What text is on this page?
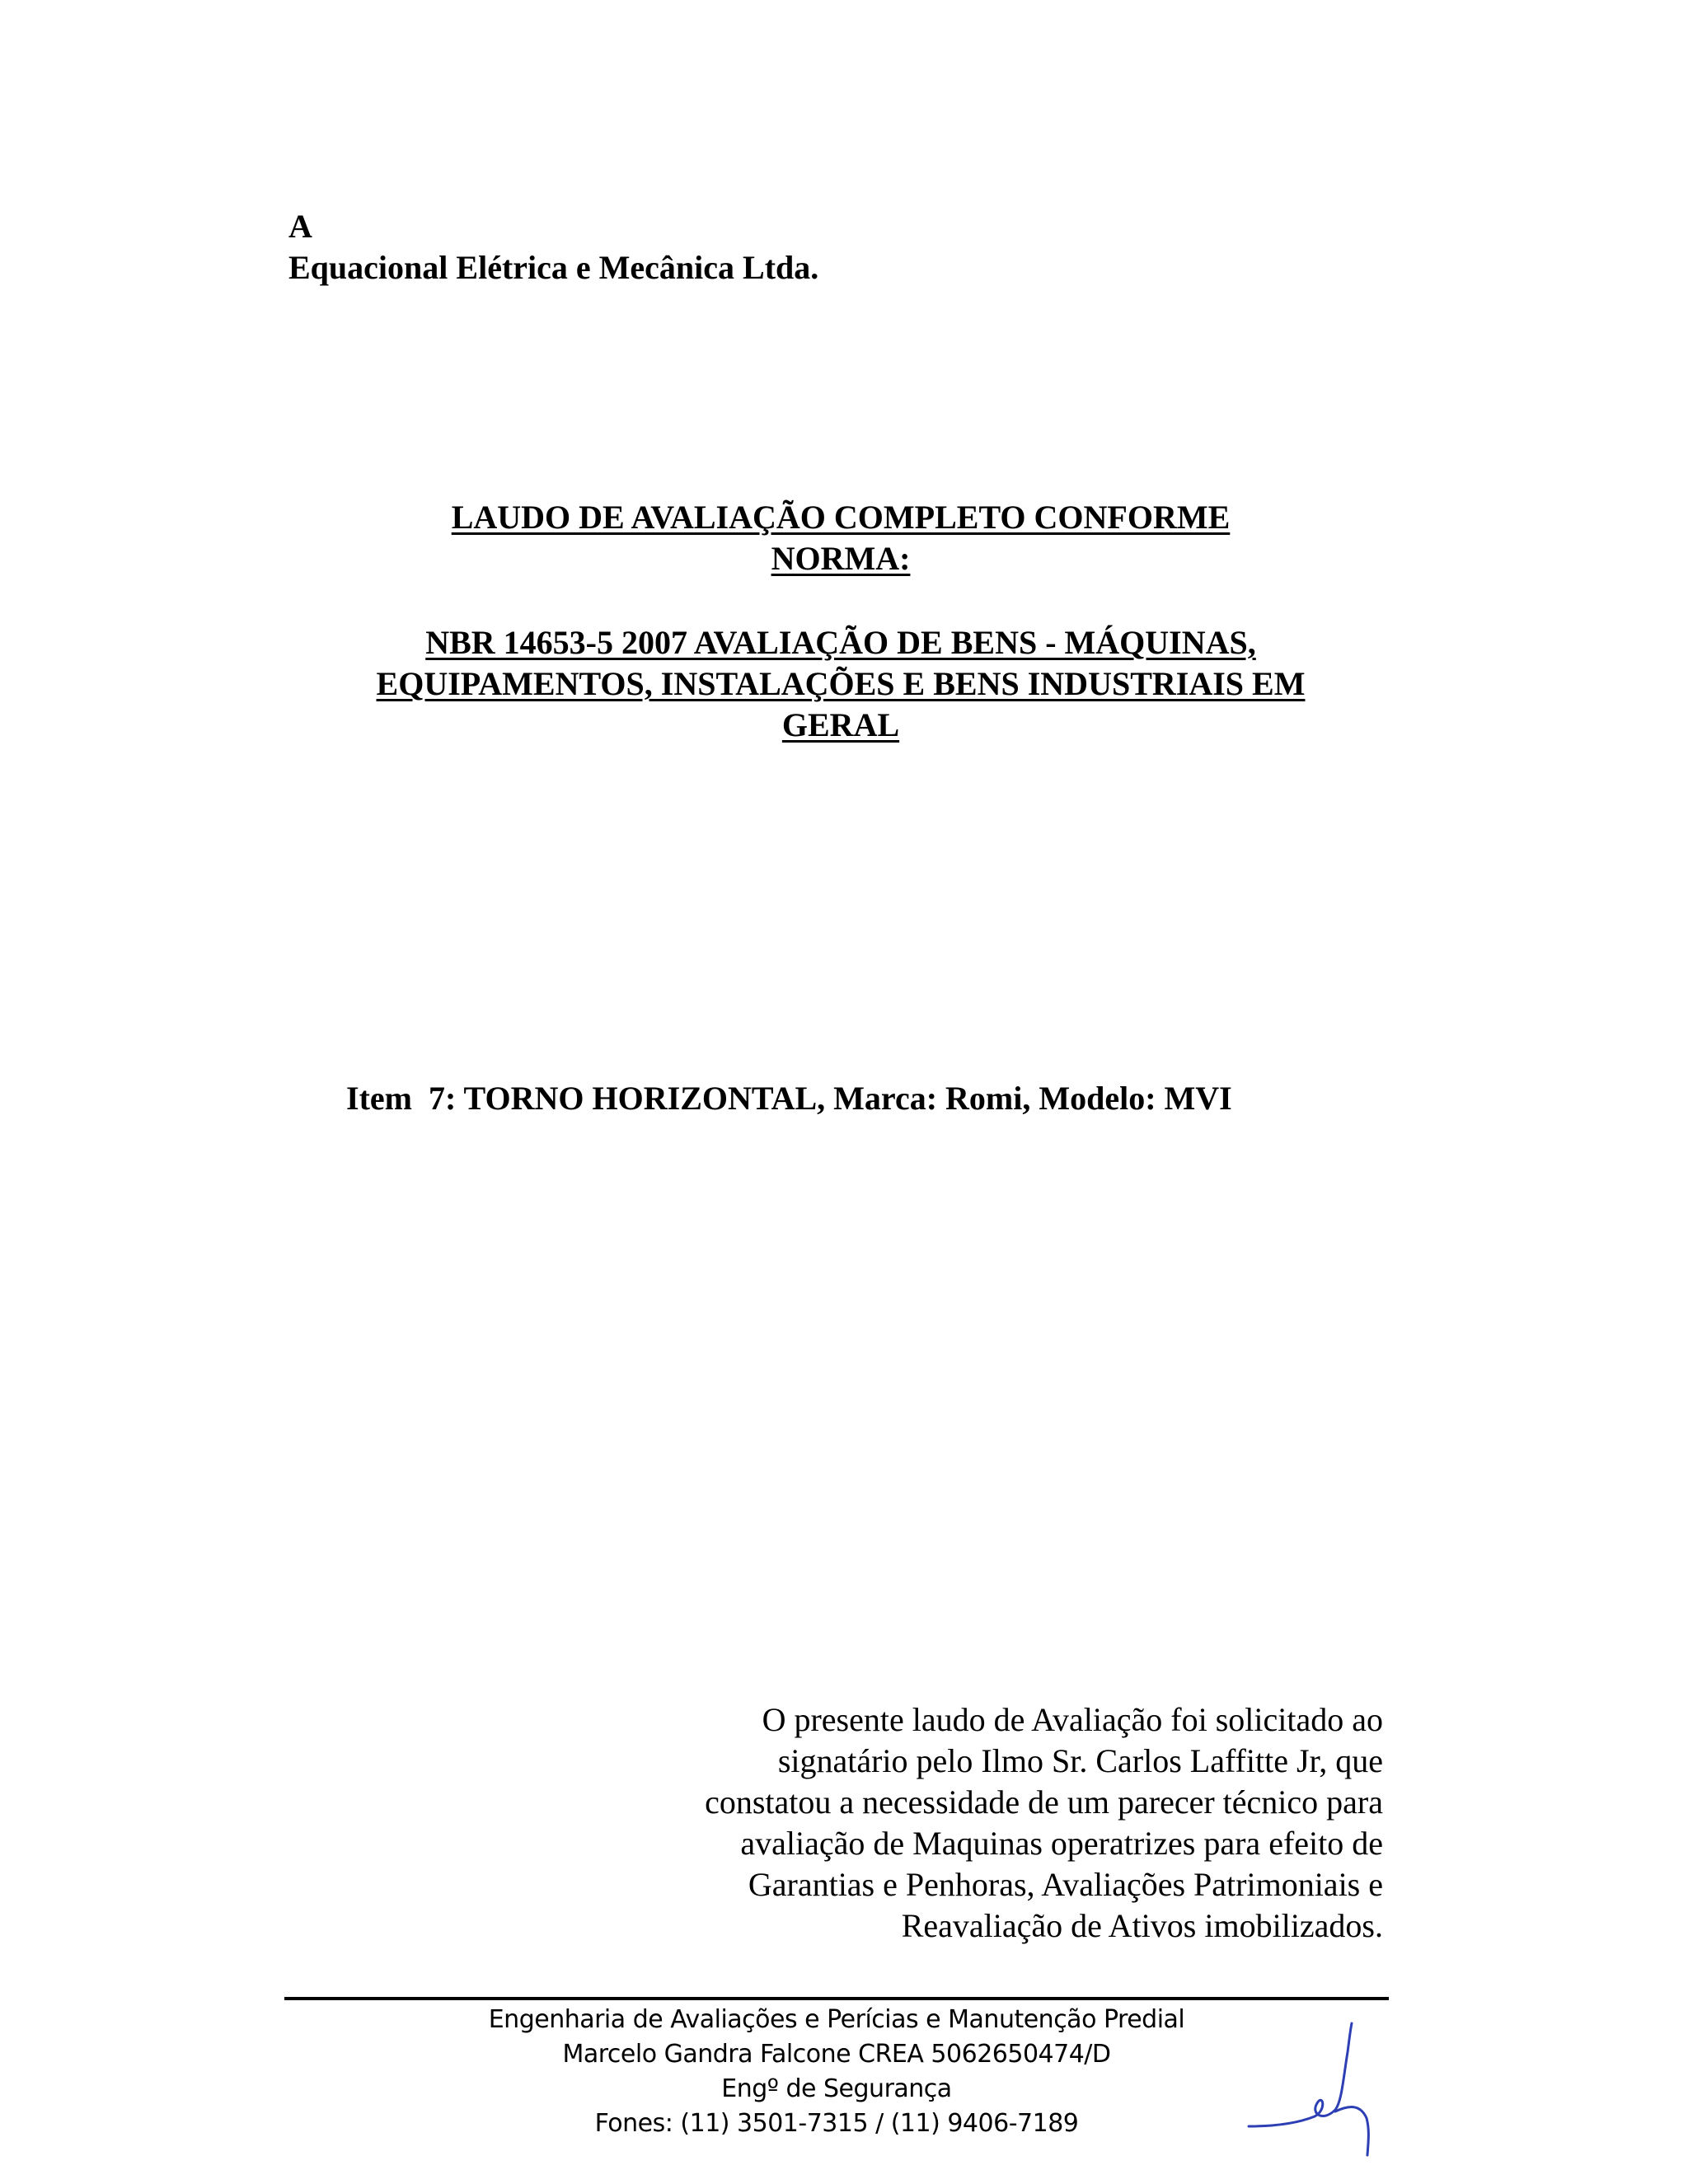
A
Equacional Elétrica e Mecânica Ltda.
LAUDO DE AVALIAÇÃO COMPLETO CONFORME
NORMA:
NBR 14653-5 2007 AVALIAÇÃO DE BENS - MÁQUINAS,
EQUIPAMENTOS, INSTALAÇÕES E BENS INDUSTRIAIS EM
GERAL
Item  7: TORNO HORIZONTAL, Marca: Romi, Modelo: MVI
O presente laudo de Avaliação foi solicitado ao
signatário pelo Ilmo Sr. Carlos Laffitte Jr, que
constatou a necessidade de um parecer técnico para
avaliação de Maquinas operatrizes para efeito de
Garantias e Penhoras, Avaliações Patrimoniais e
Reavaliação de Ativos imobilizados.
Engenharia de Avaliações e Perícias e Manutenção Predial
Marcelo Gandra Falcone CREA 5062650474/D
Engº de Segurança
Fones: (11) 3501-7315 / (11) 9406-7189
